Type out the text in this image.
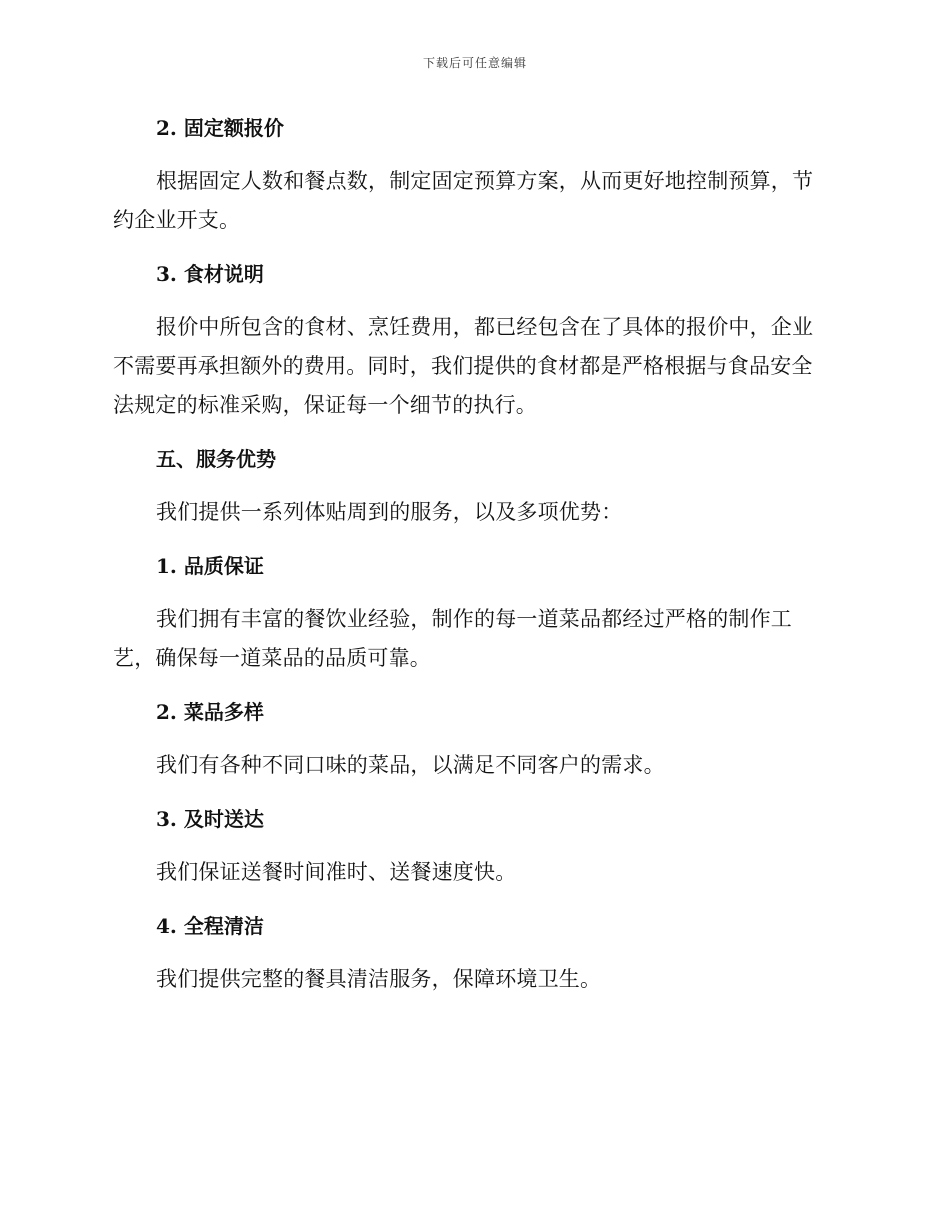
下载后可任意编辑
2. 固定额报价
根据固定人数和餐点数，制定固定预算方案，从而更好地控制预算，节约企业开支。
3. 食材说明
报价中所包含的食材、烹饪费用，都已经包含在了具体的报价中，企业不需要再承担额外的费用。同时，我们提供的食材都是严格根据与食品安全法规定的标准采购，保证每一个细节的执行。
五、服务优势
我们提供一系列体贴周到的服务，以及多项优势：
1. 品质保证
我们拥有丰富的餐饮业经验，制作的每一道菜品都经过严格的制作工艺，确保每一道菜品的品质可靠。
2. 菜品多样
我们有各种不同口味的菜品，以满足不同客户的需求。
3. 及时送达
我们保证送餐时间准时、送餐速度快。
4. 全程清洁
我们提供完整的餐具清洁服务，保障环境卫生。
